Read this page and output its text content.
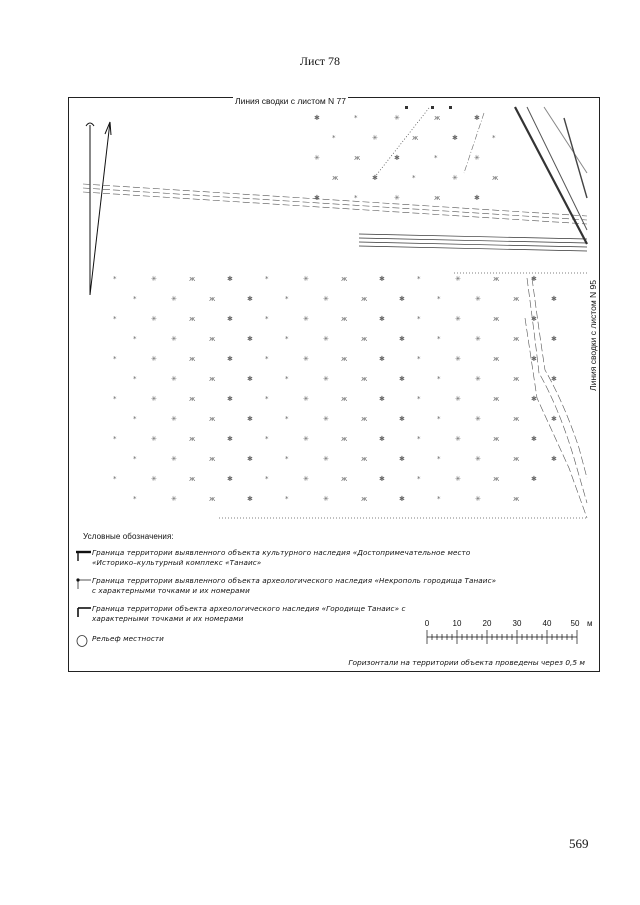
Лист 78
*	✳	ж	✱	*	✳	ж	✱	*	✳	ж	✱
*	✳	ж	✱	*	✳	ж	✱	*	✳	ж	✱
*	✳	ж	✱	*	✳	ж	✱	*	✳	ж	✱
*	✳	ж	✱	*	✳	ж	✱	*	✳	ж	✱
*	✳	ж	✱	*	✳	ж	✱	*	✳	ж	✱
*	✳	ж	✱	*	✳	ж	✱	*	✳	ж	✱
*	✳	ж	✱	*	✳	ж	✱	*	✳	ж	✱
*	✳	ж	✱	*	✳	ж	✱	*	✳	ж	✱
*	✳	ж	✱	*	✳	ж	✱	*	✳	ж	✱
*	✳	ж	✱	*	✳	ж	✱	*	✳	ж	✱
*	✳	ж	✱	*	✳	ж	✱	*	✳	ж	✱
*	✳	ж	✱	*	✳	ж	✱	*	✳	ж
✱	*	✳	ж	✱
*	✳	ж	✱	*
✳	ж	✱	*	✳
ж	✱	*	✳	ж
✱	*	✳	ж	✱
Линия сводки с листом N 77
Линия сводки с листом N 95
Условные обозначения:
Граница территории выявленного объекта культурного наследия «Достопримечательное место
«Историко–культурный комплекс «Танаис»
Граница территории выявленного объекта археологического наследия «Некрополь городища Танаис»
с характерными точками и их номерами
Граница территории объекта археологического наследия «Городище Танаис» с
характерными точками и их номерами
Рельеф местности
0	10	20	30	40 50 м
Горизонтали на территории объекта проведены через 0,5 м
569
